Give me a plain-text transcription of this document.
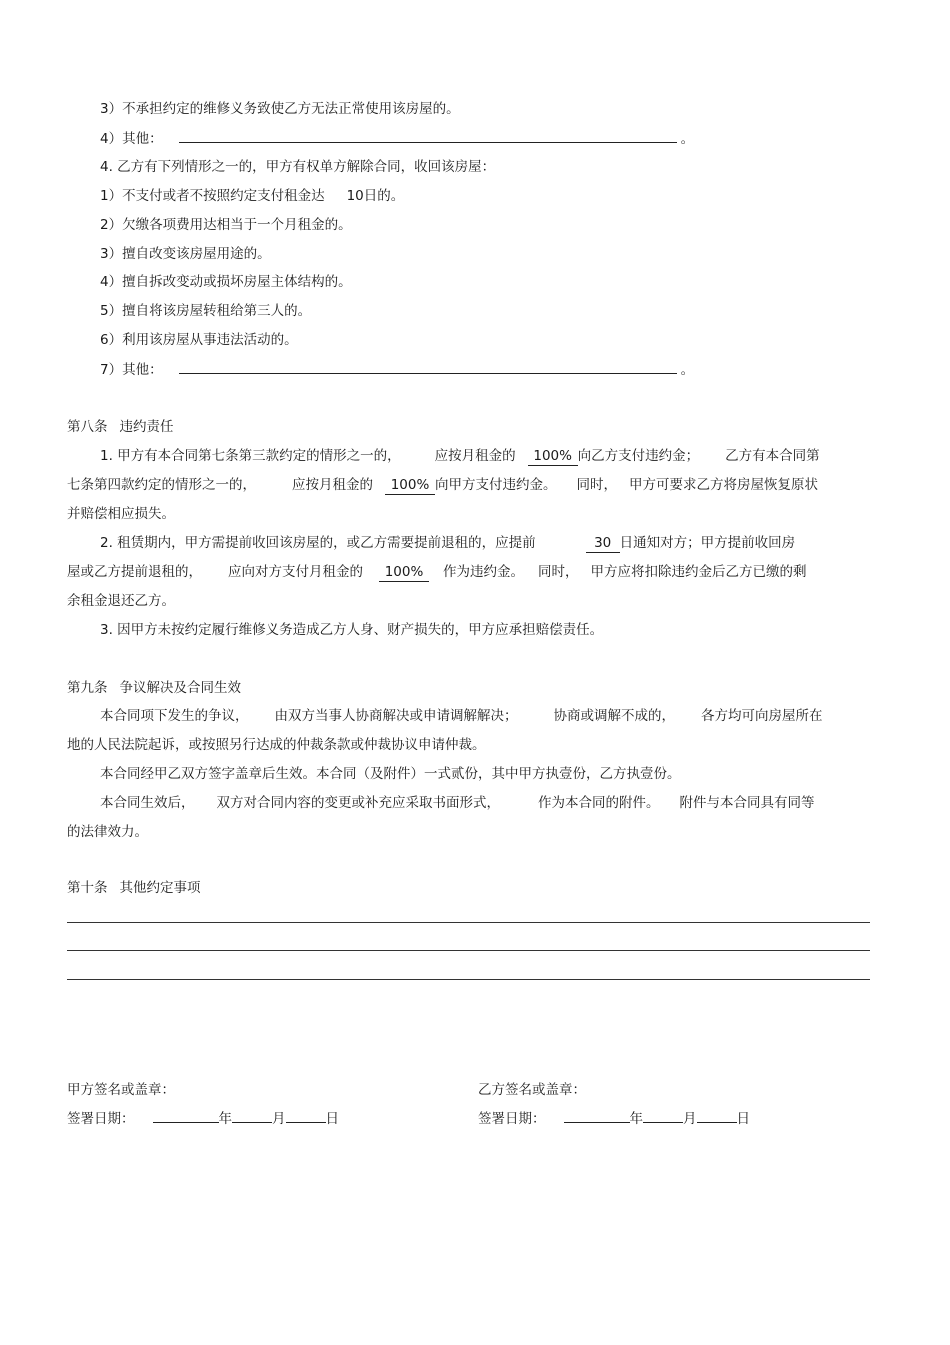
3）不承担约定的维修义务致使乙方无法正常使用该房屋的。
4）其他：	。
4. 乙方有下列情形之一的，甲方有权单方解除合同，收回该房屋：
1）不支付或者不按照约定支付租金达 10日的。
2）欠缴各项费用达相当于一个月租金的。
3）擅自改变该房屋用途的。
4）擅自拆改变动或损坏房屋主体结构的。
5）擅自将该房屋转租给第三人的。
6）利用该房屋从事违法活动的。
7）其他：	。
第八条 违约责任
1. 甲方有本合同第七条第三款约定的情形之一的，	应按月租金的 100% 向乙方支付违约金； 乙方有本合同第
七条第四款约定的情形之一的，	应按月租金的 100% 向甲方支付违约金。 同时， 甲方可要求乙方将房屋恢复原状
并赔偿相应损失。
2. 租赁期内，甲方需提前收回该房屋的，或乙方需要提前退租的，应提前	30 日通知对方；甲方提前收回房
屋或乙方提前退租的， 应向对方支付月租金的 100% 作为违约金。 同时， 甲方应将扣除违约金后乙方已缴的剩
余租金退还乙方。
3. 因甲方未按约定履行维修义务造成乙方人身、财产损失的，甲方应承担赔偿责任。
第九条 争议解决及合同生效
本合同项下发生的争议， 由双方当事人协商解决或申请调解解决；	协商或调解不成的， 各方均可向房屋所在
地的人民法院起诉，或按照另行达成的仲裁条款或仲裁协议申请仲裁。
本合同经甲乙双方签字盖章后生效。本合同（及附件）一式贰份，其中甲方执壹份，乙方执壹份。
本合同生效后， 双方对合同内容的变更或补充应采取书面形式，	作为本合同的附件。 附件与本合同具有同等
的法律效力。
第十条 其他约定事项
甲方签名或盖章：	乙方签名或盖章：
签署日期：	年	月	日	签署日期：	年	月	日
